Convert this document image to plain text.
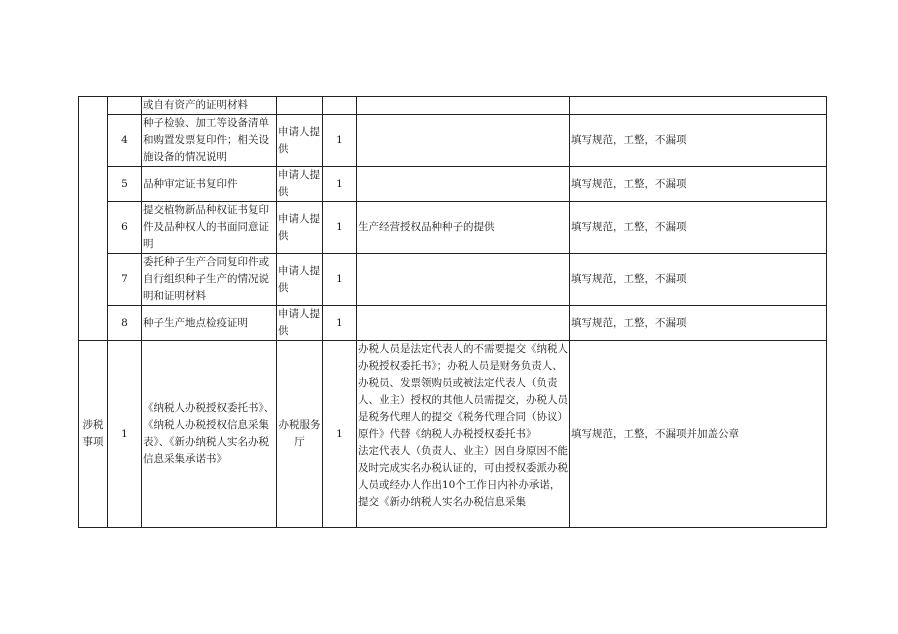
		或自有资产的证明材料				
	4	种子检验、加工等设备清单和购置发票复印件；相关设施设备的情况说明	申请人提供	1		填写规范，工整，不漏项
	5	品种审定证书复印件	申请人提供	1		填写规范，工整，不漏项
	6	提交植物新品种权证书复印件及品种权人的书面同意证明	申请人提供	1	生产经营授权品种种子的提供	填写规范，工整，不漏项
	7	委托种子生产合同复印件或自行组织种子生产的情况说明和证明材料	申请人提供	1		填写规范，工整，不漏项
	8	种子生产地点检疫证明	申请人提供	1		填写规范，工整，不漏项
涉税事项	1	《纳税人办税授权委托书》、《纳税人办税授权信息采集表》、《新办纳税人实名办税信息采集承诺书》	办税服务厅	1	办税人员是法定代表人的不需要提交《纳税人办税授权委托书》；办税人员是财务负责人、办税员、发票领购员或被法定代表人（负责人、业主）授权的其他人员需提交，办税人员是税务代理人的提交《税务代理合同（协议）原件》代替《纳税人办税授权委托书》
法定代表人（负责人、业主）因自身原因不能及时完成实名办税认证的，可由授权委派办税人员或经办人作出10个工作日内补办承诺，提交《新办纳税人实名办税信息采集	填写规范，工整，不漏项并加盖公章
